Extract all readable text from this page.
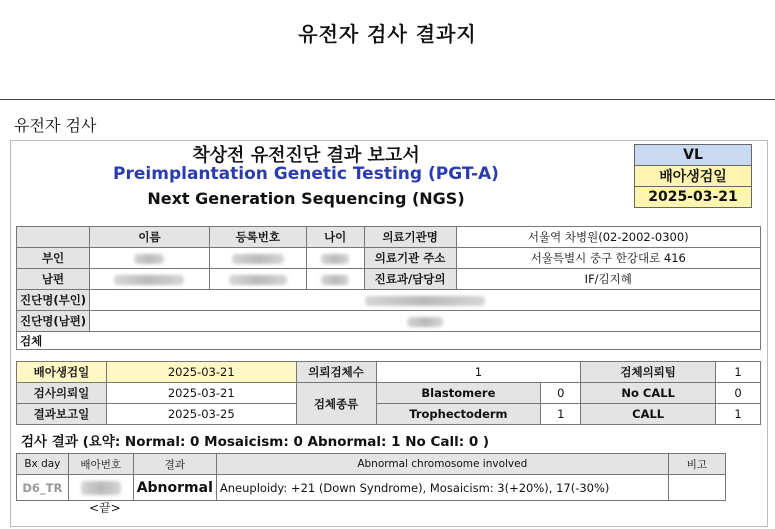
유전자 검사 결과지
유전자 검사
착상전 유전진단 결과 보고서
Preimplantation Genetic Testing (PGT-A)
Next Generation Sequencing (NGS)
VL
배아생검일
2025-03-21
	이름	등록번호	나이	의료기관명	서울역 차병원(02-2002-0300)
부인				의료기관 주소	서울특별시 중구 한강대로 416
남편				진료과/담당의	IF/김지혜
진단명(부인)					
진단명(남편)					
검체					
배아생검일	2025-03-21	의뢰검체수	1		검체의뢰팀	1
검사의뢰일	2025-03-21	검체종류	Blastomere	0	No CALL	0
결과보고일	2025-03-25		Trophectoderm	1	CALL	1
검사 결과 (요약: Normal: 0 Mosaicism: 0 Abnormal: 1 No Call: 0 )
Bx day	배아번호	결과	Abnormal chromosome involved	비고
D6_TR		Abnormal	Aneuploidy: +21 (Down Syndrome), Mosaicism: 3(+20%), 17(-30%)	
<끝>
